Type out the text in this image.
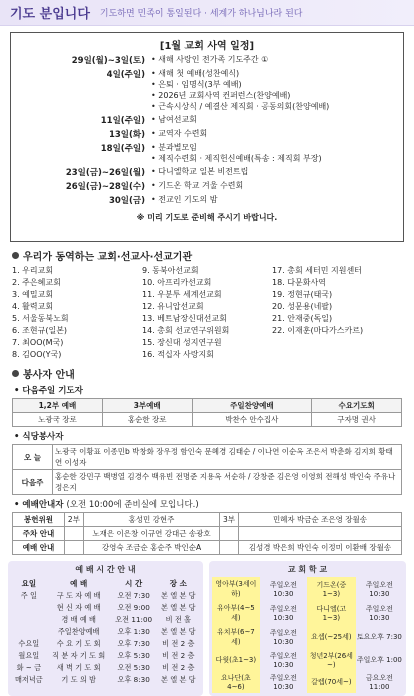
기도 분입니다 기도하면 민족이 통일된다 · 세계가 하나님나라 된다
[1월 교회 사역 일정]
29일(월)~3일(토)	• 새해 사랑인 전가족 기도주간 ①
4일(주일)	• 새해 첫 예배(성찬예식)
• 은퇴 · 임명식(3부 예배)
• 2026년 교회사역 컨퍼런스(찬양예배)
• 근속시상식 / 예결산 제직회 · 공동의회(찬양예배)
11일(주일)	• 남여선교회
13일(화)	• 교역자 수련회
18일(주일)	• 분과별모임
• 제직수련회 · 제직헌신예배(특송 : 제직회 부장)
23일(금)~26일(월)	• 다니엘학교 일본 비전트립
26일(금)~28일(수)	• 기드온 학교 겨울 수련회
30일(금)	• 전교인 기도의 밤
※ 미리 기도로 준비해 주시기 바랍니다.
우리가 동역하는 교회·선교사·선교기관
1. 우리교회	9. 동북아선교회	17. 총회 세터민 지원센터
2. 주은혜교회	10. 아프리카선교회	18. 다문화사역
3. 예밀교회	11. 우분투 세계선교회	19. 정현규(태국)
4. 활력교회	12. 유니압선교회	20. 성문용(네팔)
5. 서울동북노회	13. 베트남장신대선교회	21. 안재중(독일)
6. 조현규(일본)	14. 총회 선교연구위원회	22. 이재훈(마다가스카르)
7. 최OO(M국)	15. 장신대 성지연구원
8. 김OO(Y국)	16. 적십자 사랑지회
봉사자 안내
• 다음주일 기도자
1,2부 예배	3부예배	주일찬양예배	수요기도회
노광국 장로	홍순한 장로	박찬수 안수집사	구자명 권사
• 식당봉사자
오 늘	노광국 이황표 이종민b 박창화 장우정 함인숙 문혜경 김태순 / 이나연 이순옥 조은서 박춘화 김지희 황태연 이성자
다음주	홍순한 강민구 백병열 김경수 백유빈 전명준 지용옥 서순하 / 강창준 김은영 이영희 전해성 박인숙 주유나 정은지
• 예배안내자 (오전 10:00에 준비실에 모입니다.)
봉헌위원	2부	홍성민 강현주	3부	민혜자 박금순 조은영 장월송
주차 안내		노재은 이은창 이규연 강대근 송광호		
예배 안내		강영숙 조금순 홍순주 박인순A		김성경 박은희 박인숙 이정미 이환배 장월송
예 배 시 간 안 내
요일	예 배	시 간	장 소
주 일	구 도 자 예 배	오전 7:30	본 엘 본 당
	현 신 자 예 배	오전 9:00	본 엘 본 당
	경 배 예 배	오전 11:00	비 전 홀
	주일찬양예배	오후 1:30	본 엘 본 당
수요일	수 요 기 도 회	오후 7:30	비 전 2 층
월요일	직 분 자 기 도 회	오후 5:30	비 전 2 층
화 ~ 금	새 벽 기 도 회	오전 5:30	비 전 2 층
매저녁금	기 도 의 밤	오후 8:30	본 엘 본 당
교 회 학 교
영아부(3세이하)	주일오전 10:30	기드온(중1~3)	주일오전 10:30
유아부(4~5세)	주일오전 10:30	다니엘(고1~3)	주일오전 10:30
유치부(6~7세)	주일오전 10:30	요셉(~25세)	토요오후 7:30
다윗(초1~3)	주일오전 10:30	청년2부(26세~)	주일오후 1:00
요나단(초4~6)	주일오전 10:30	갈렙(70세~)	금요오전 11:00
